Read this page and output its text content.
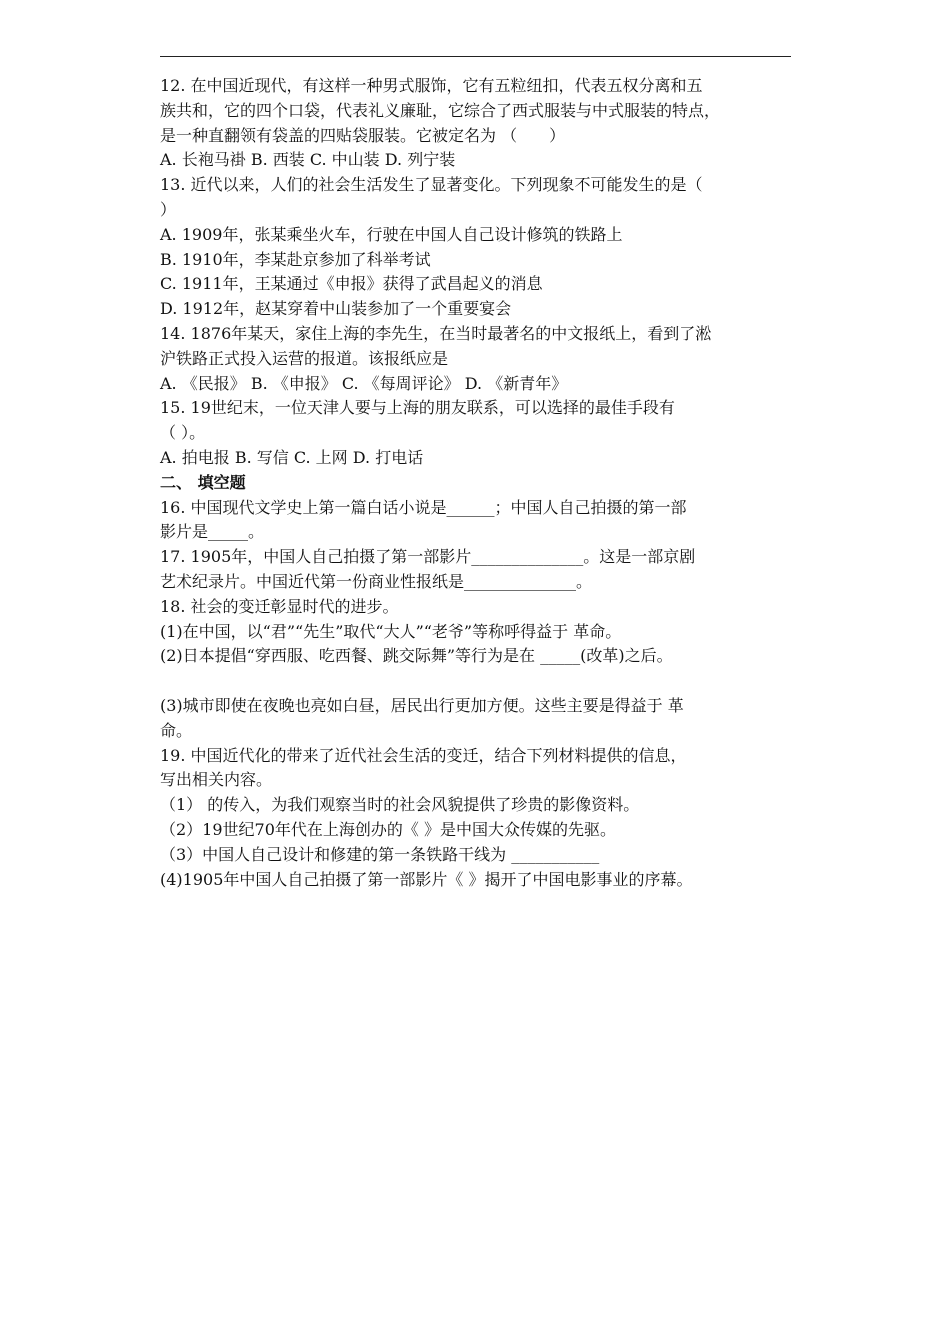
12. 在中国近现代，有这样一种男式服饰，它有五粒纽扣，代表五权分离和五
族共和，它的四个口袋，代表礼义廉耻，它综合了西式服装与中式服装的特点，
是一种直翻领有袋盖的四贴袋服装。它被定名为 （　　）
A. 长袍马褂 B. 西装 C. 中山装 D. 列宁装
13. 近代以来，人们的社会生活发生了显著变化。下列现象不可能发生的是（
）
A. 1909年，张某乘坐火车，行驶在中国人自己设计修筑的铁路上
B. 1910年，李某赴京参加了科举考试
C. 1911年，王某通过《申报》获得了武昌起义的消息
D. 1912年，赵某穿着中山装参加了一个重要宴会
14. 1876年某天，家住上海的李先生，在当时最著名的中文报纸上，看到了淞
沪铁路正式投入运营的报道。该报纸应是
A. 《民报》 B. 《申报》 C. 《每周评论》 D. 《新青年》
15. 19世纪末，一位天津人要与上海的朋友联系，可以选择的最佳手段有
（ ）。
A. 拍电报 B. 写信 C. 上网 D. 打电话
二、 填空题
16. 中国现代文学史上第一篇白话小说是______；中国人自己拍摄的第一部
影片是_____。
17. 1905年，中国人自己拍摄了第一部影片______________。这是一部京剧
艺术纪录片。中国近代第一份商业性报纸是______________。
18. 社会的变迁彰显时代的进步。
(1)在中国，以“君”“先生”取代“大人”“老爷”等称呼得益于 革命。
(2)日本提倡“穿西服、吃西餐、跳交际舞”等行为是在 _____(改革)之后。
(3)城市即使在夜晚也亮如白昼，居民出行更加方便。这些主要是得益于 革
命。
19. 中国近代化的带来了近代社会生活的变迁，结合下列材料提供的信息，
写出相关内容。
（1） 的传入，为我们观察当时的社会风貌提供了珍贵的影像资料。
（2）19世纪70年代在上海创办的《 》是中国大众传媒的先驱。
（3）中国人自己设计和修建的第一条铁路干线为 ___________
(4)1905年中国人自己拍摄了第一部影片《 》揭开了中国电影事业的序幕。
